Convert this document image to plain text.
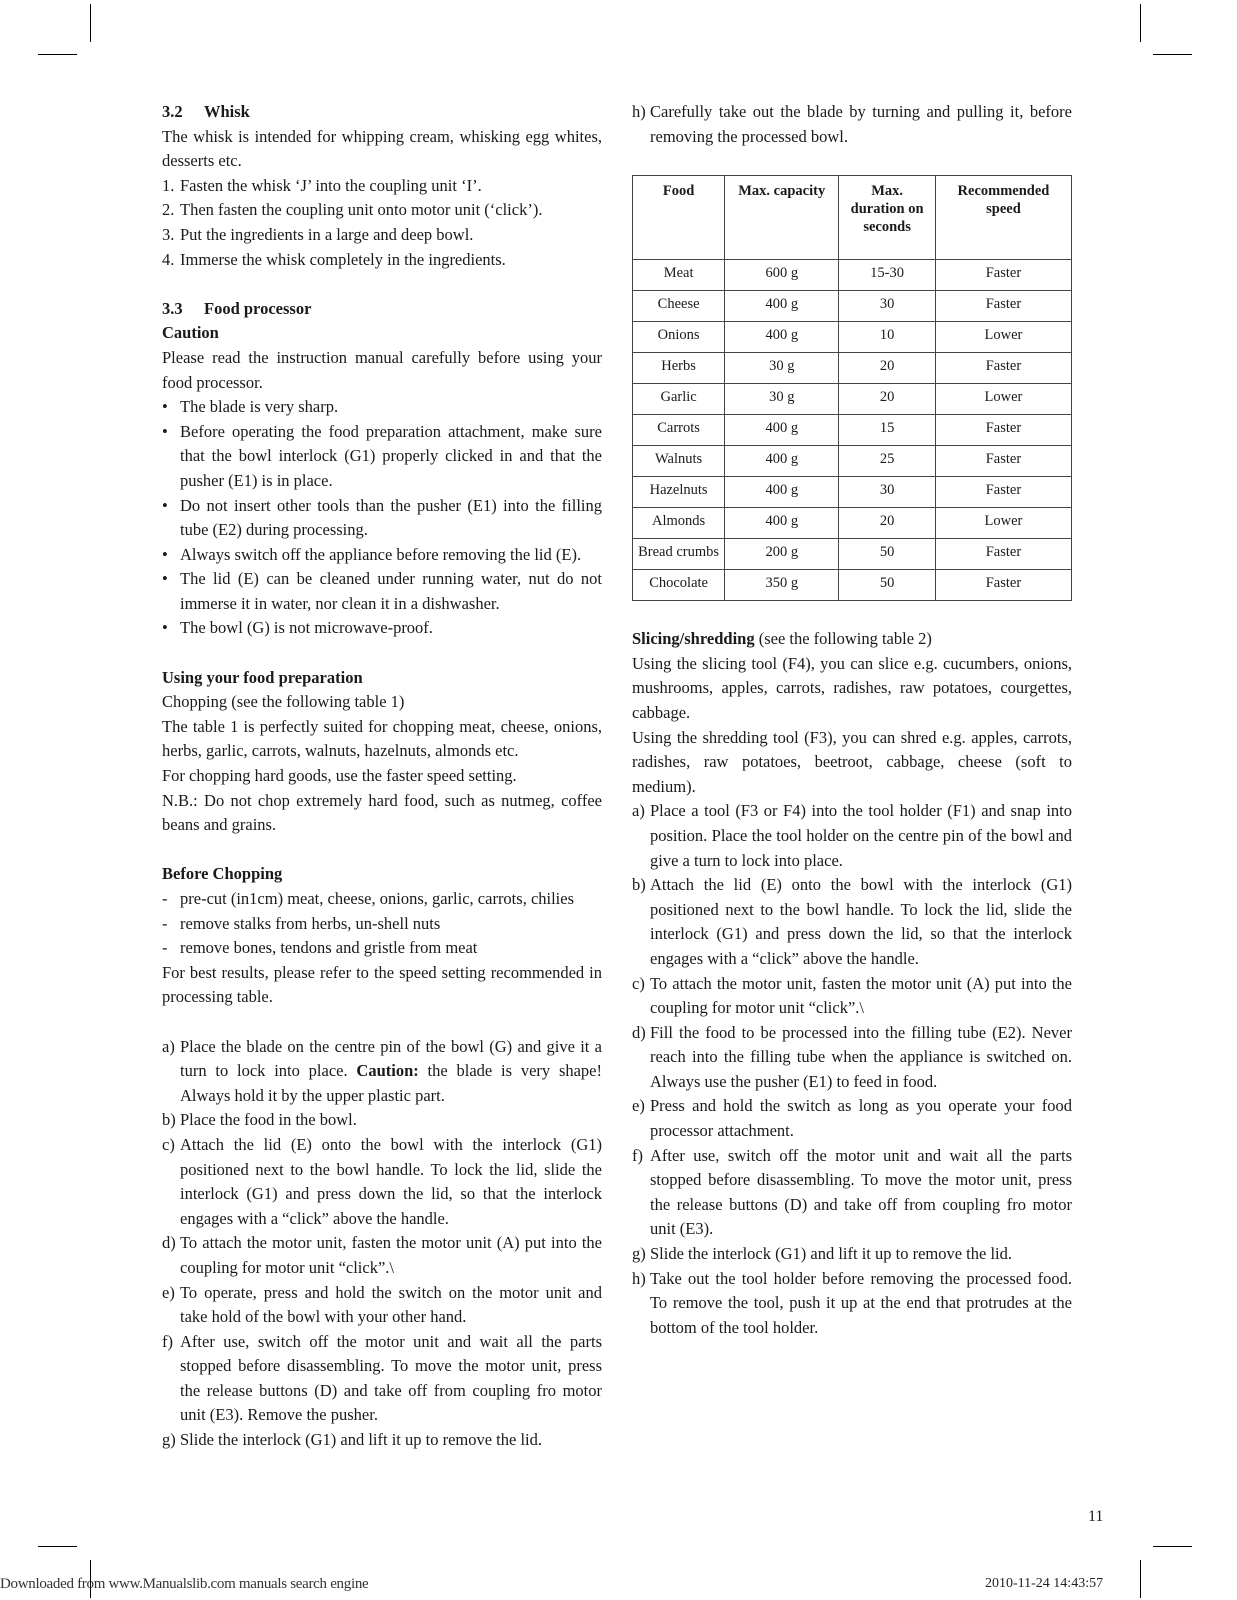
3.2 Whisk

The whisk is intended for whipping cream, whisking egg whites, desserts etc.

1. Fasten the whisk ‘J’ into the coupling unit ‘I’.
2. Then fasten the coupling unit onto motor unit (‘click’).
3. Put the ingredients in a large and deep bowl.
4. Immerse the whisk completely in the ingredients.

3.3 Food processor

Caution

Please read the instruction manual carefully before using your food processor.

• The blade is very sharp.
• Before operating the food preparation attachment, make sure that the bowl interlock (G1) properly clicked in and that the pusher (E1) is in place.
• Do not insert other tools than the pusher (E1) into the filling tube (E2) during processing.
• Always switch off the appliance before removing the lid (E).
• The lid (E) can be cleaned under running water, nut do not immerse it in water, nor clean it in a dishwasher.
• The bowl (G) is not microwave-proof.

Using your food preparation

Chopping (see the following table 1)

The table 1 is perfectly suited for chopping meat, cheese, onions, herbs, garlic, carrots, walnuts, hazelnuts, almonds etc.

For chopping hard goods, use the faster speed setting.

N.B.: Do not chop extremely hard food, such as nutmeg, coffee beans and grains.

Before Chopping

- pre-cut (in1cm) meat, cheese, onions, garlic, carrots, chilies
- remove stalks from herbs, un-shell nuts
- remove bones, tendons and gristle from meat

For best results, please refer to the speed setting recommended in processing table.

a) Place the blade on the centre pin of the bowl (G) and give it a turn to lock into place. Caution: the blade is very shape! Always hold it by the upper plastic part.
b) Place the food in the bowl.
c) Attach the lid (E) onto the bowl with the interlock (G1) positioned next to the bowl handle. To lock the lid, slide the interlock (G1) and press down the lid, so that the interlock engages with a “click” above the handle.
d) To attach the motor unit, fasten the motor unit (A) put into the coupling for motor unit “click”.\
e) To operate, press and hold the switch on the motor unit and take hold of the bowl with your other hand.
f) After use, switch off the motor unit and wait all the parts stopped before disassembling. To move the motor unit, press the release buttons (D) and take off from coupling fro motor unit (E3). Remove the pusher.
g) Slide the interlock (G1) and lift it up to remove the lid.
h) Carefully take out the blade by turning and pulling it, before removing the processed bowl.
Food	Max. capacity	Max. duration on seconds	Recommended speed
Meat	600 g	15-30	Faster
Cheese	400 g	30	Faster
Onions	400 g	10	Lower
Herbs	30 g	20	Faster
Garlic	30 g	20	Lower
Carrots	400 g	15	Faster
Walnuts	400 g	25	Faster
Hazelnuts	400 g	30	Faster
Almonds	400 g	20	Lower
Bread crumbs	200 g	50	Faster
Chocolate	350 g	50	Faster

Slicing/shredding (see the following table 2)

Using the slicing tool (F4), you can slice e.g. cucumbers, onions, mushrooms, apples, carrots, radishes, raw potatoes, courgettes, cabbage.

Using the shredding tool (F3), you can shred e.g. apples, carrots, radishes, raw potatoes, beetroot, cabbage, cheese (soft to medium).

a) Place a tool (F3 or F4) into the tool holder (F1) and snap into position. Place the tool holder on the centre pin of the bowl and give a turn to lock into place.
b) Attach the lid (E) onto the bowl with the interlock (G1) positioned next to the bowl handle. To lock the lid, slide the interlock (G1) and press down the lid, so that the interlock engages with a “click” above the handle.
c) To attach the motor unit, fasten the motor unit (A) put into the coupling for motor unit “click”.\
d) Fill the food to be processed into the filling tube (E2). Never reach into the filling tube when the appliance is switched on. Always use the pusher (E1) to feed in food.
e) Press and hold the switch as long as you operate your food processor attachment.
f) After use, switch off the motor unit and wait all the parts stopped before disassembling. To move the motor unit, press the release buttons (D) and take off from coupling fro motor unit (E3).
g) Slide the interlock (G1) and lift it up to remove the lid.
h) Take out the tool holder before removing the processed food. To remove the tool, push it up at the end that protrudes at the bottom of the tool holder.
11
Downloaded from www.Manualslib.com manuals search engine	2010-11-24 14:43:57
